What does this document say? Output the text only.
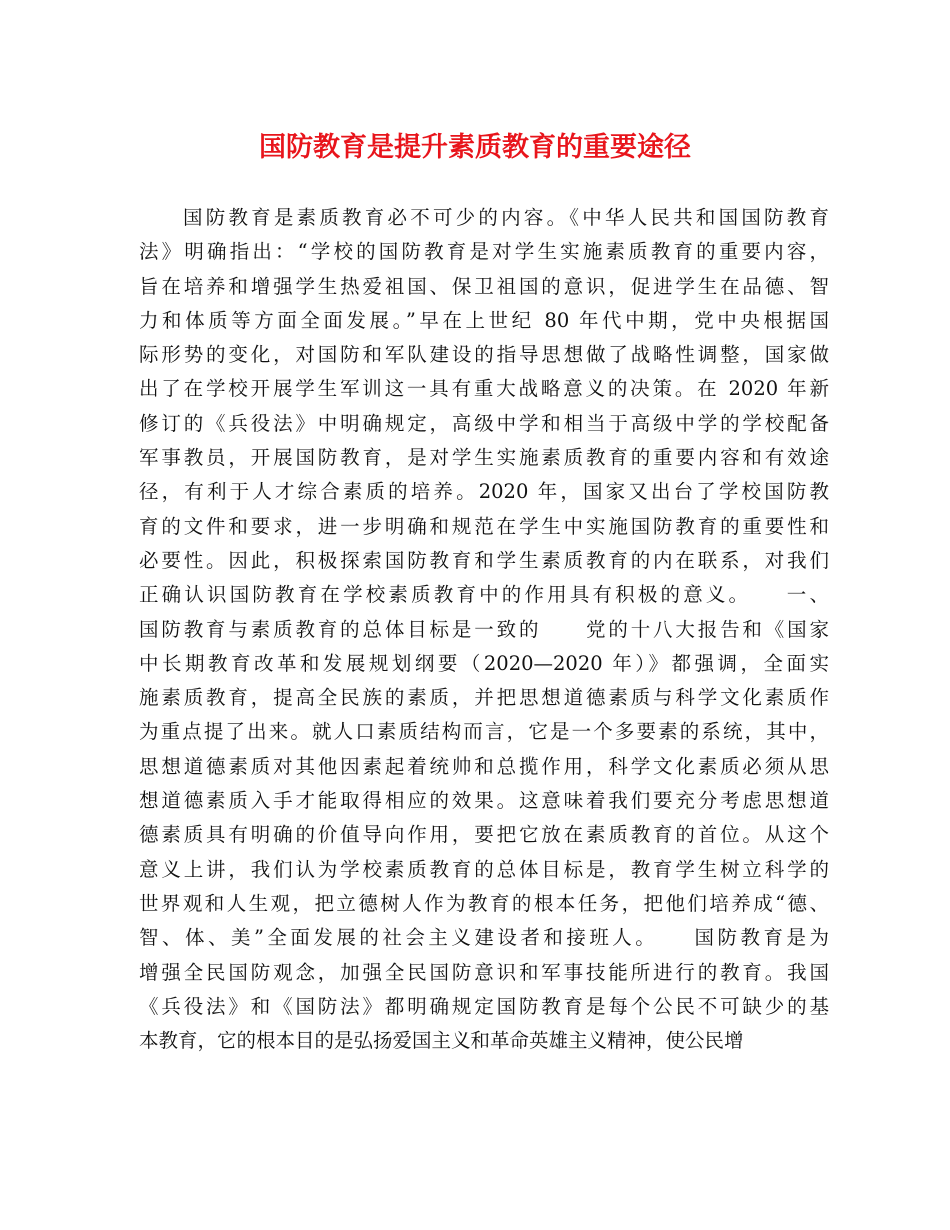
国防教育是提升素质教育的重要途径
国防教育是素质教育必不可少的内容。《中华人民共和国国防教育
法》明确指出：“学校的国防教育是对学生实施素质教育的重要内容，
旨在培养和增强学生热爱祖国、保卫祖国的意识，促进学生在品德、智
力和体质等方面全面发展。”早在上世纪 80 年代中期，党中央根据国
际形势的变化，对国防和军队建设的指导思想做了战略性调整，国家做
出了在学校开展学生军训这一具有重大战略意义的决策。在 2020 年新
修订的《兵役法》中明确规定，高级中学和相当于高级中学的学校配备
军事教员，开展国防教育，是对学生实施素质教育的重要内容和有效途
径，有利于人才综合素质的培养。2020 年，国家又出台了学校国防教
育的文件和要求，进一步明确和规范在学生中实施国防教育的重要性和
必要性。因此，积极探索国防教育和学生素质教育的内在联系，对我们
正确认识国防教育在学校素质教育中的作用具有积极的意义。　　一、
国防教育与素质教育的总体目标是一致的　　党的十八大报告和《国家
中长期教育改革和发展规划纲要（2020—2020 年）》都强调，全面实
施素质教育，提高全民族的素质，并把思想道德素质与科学文化素质作
为重点提了出来。就人口素质结构而言，它是一个多要素的系统，其中，
思想道德素质对其他因素起着统帅和总揽作用，科学文化素质必须从思
想道德素质入手才能取得相应的效果。这意味着我们要充分考虑思想道
德素质具有明确的价值导向作用，要把它放在素质教育的首位。从这个
意义上讲，我们认为学校素质教育的总体目标是，教育学生树立科学的
世界观和人生观，把立德树人作为教育的根本任务，把他们培养成“德、
智、体、美”全面发展的社会主义建设者和接班人。　　国防教育是为
增强全民国防观念，加强全民国防意识和军事技能所进行的教育。我国
《兵役法》和《国防法》都明确规定国防教育是每个公民不可缺少的基
本教育，它的根本目的是弘扬爱国主义和革命英雄主义精神，使公民增
